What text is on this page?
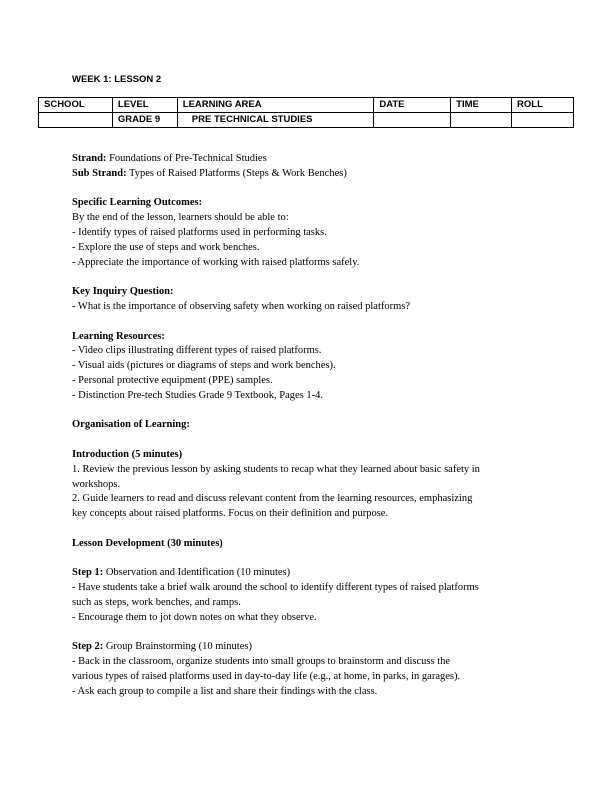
WEEK 1: LESSON 2
SCHOOL	LEVEL	LEARNING AREA	DATE	TIME	ROLL
	GRADE 9	PRE TECHNICAL STUDIES			

Strand: Foundations of Pre-Technical Studies

Sub Strand: Types of Raised Platforms (Steps & Work Benches)

Specific Learning Outcomes:

By the end of the lesson, learners should be able to:

- Identify types of raised platforms used in performing tasks.

- Explore the use of steps and work benches.

- Appreciate the importance of working with raised platforms safely.

Key Inquiry Question:

- What is the importance of observing safety when working on raised platforms?

Learning Resources:

- Video clips illustrating different types of raised platforms.

- Visual aids (pictures or diagrams of steps and work benches).

- Personal protective equipment (PPE) samples.

- Distinction Pre-tech Studies Grade 9 Textbook, Pages 1-4.

Organisation of Learning:

Introduction (5 minutes)

1. Review the previous lesson by asking students to recap what they learned about basic safety in

workshops.

2. Guide learners to read and discuss relevant content from the learning resources, emphasizing

key concepts about raised platforms. Focus on their definition and purpose.

Lesson Development (30 minutes)

Step 1: Observation and Identification (10 minutes)

- Have students take a brief walk around the school to identify different types of raised platforms

such as steps, work benches, and ramps.

- Encourage them to jot down notes on what they observe.

Step 2: Group Brainstorming (10 minutes)

- Back in the classroom, organize students into small groups to brainstorm and discuss the

various types of raised platforms used in day-to-day life (e.g., at home, in parks, in garages).

- Ask each group to compile a list and share their findings with the class.
